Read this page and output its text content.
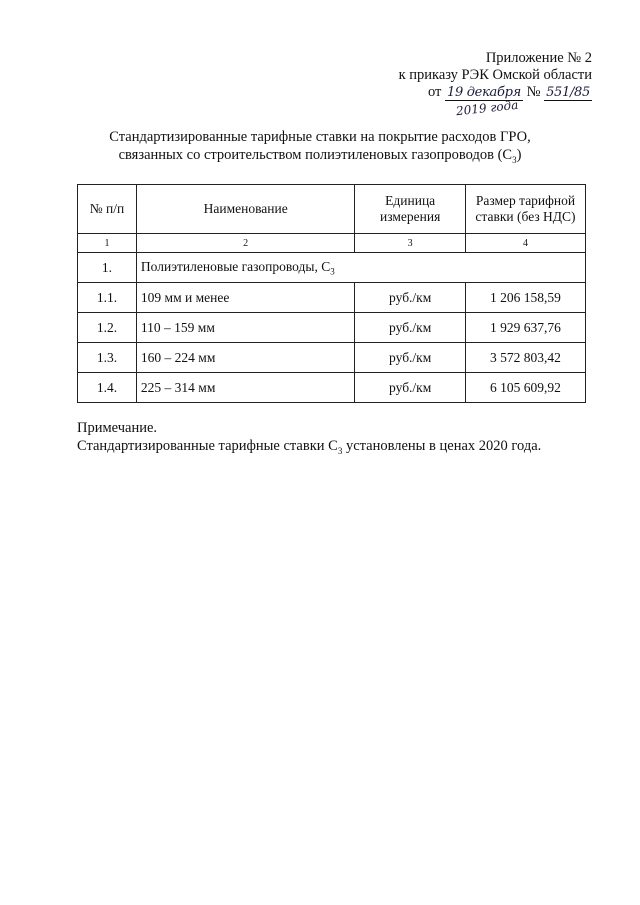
Приложение № 2
к приказу РЭК Омской области
от 19 декабря № 551/85
2019 года
Стандартизированные тарифные ставки на покрытие расходов ГРО,
связанных со строительством полиэтиленовых газопроводов $(С_3)$
№ п/п	Наименование	Единица измерения	Размер тарифной ставки (без НДС)
1	2	3	4
1.	Полиэтиленовые газопроводы, $С_3$
1.1.	109 мм и менее	руб./км	1 206 158,59
1.2.	110 – 159 мм	руб./км	1 929 637,76
1.3.	160 – 224 мм	руб./км	3 572 803,42
1.4.	225 – 314 мм	руб./км	6 105 609,92
Примечание.
Стандартизированные тарифные ставки $С_3$ установлены в ценах 2020 года.
